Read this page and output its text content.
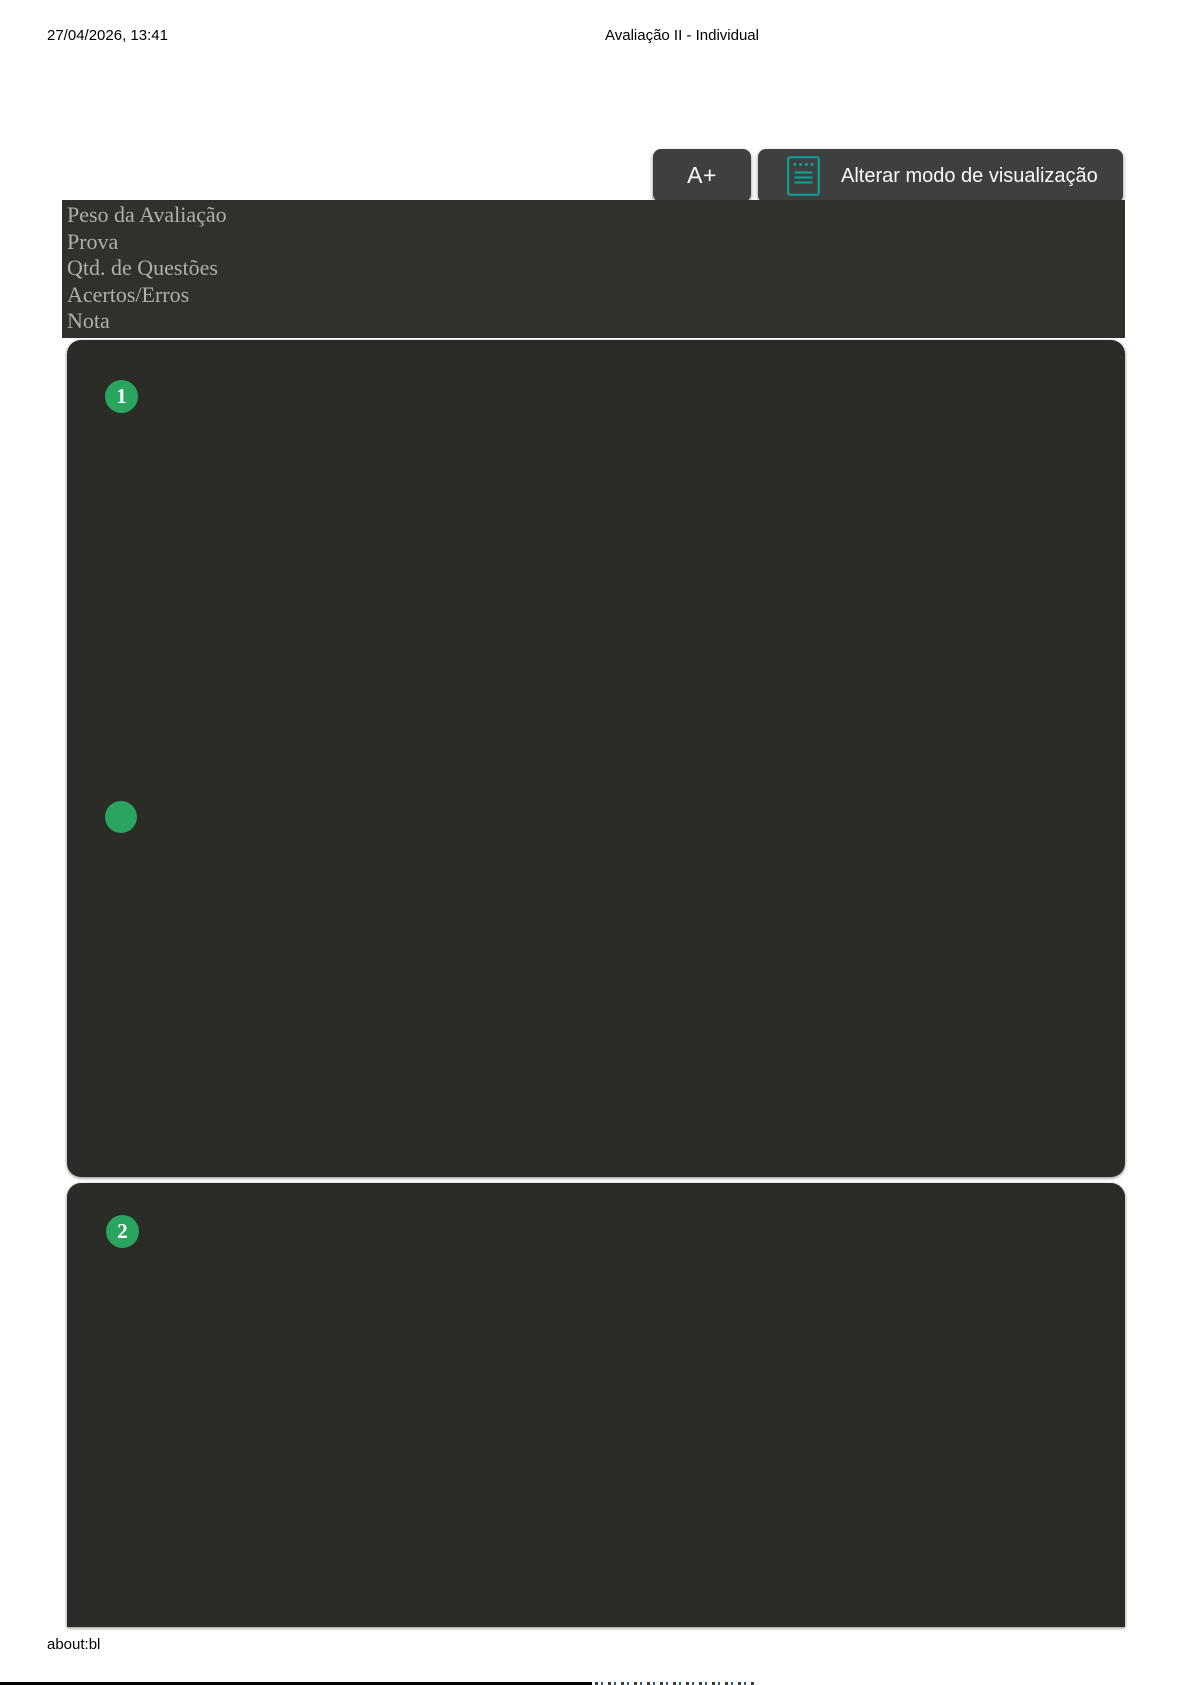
27/04/2026, 13:41	Avaliação II - Individual
A+	Alterar modo de visualização

Peso da Avaliação

Prova

Qtd. de Questões

Acertos/Erros

Nota

1
2
about:bl
